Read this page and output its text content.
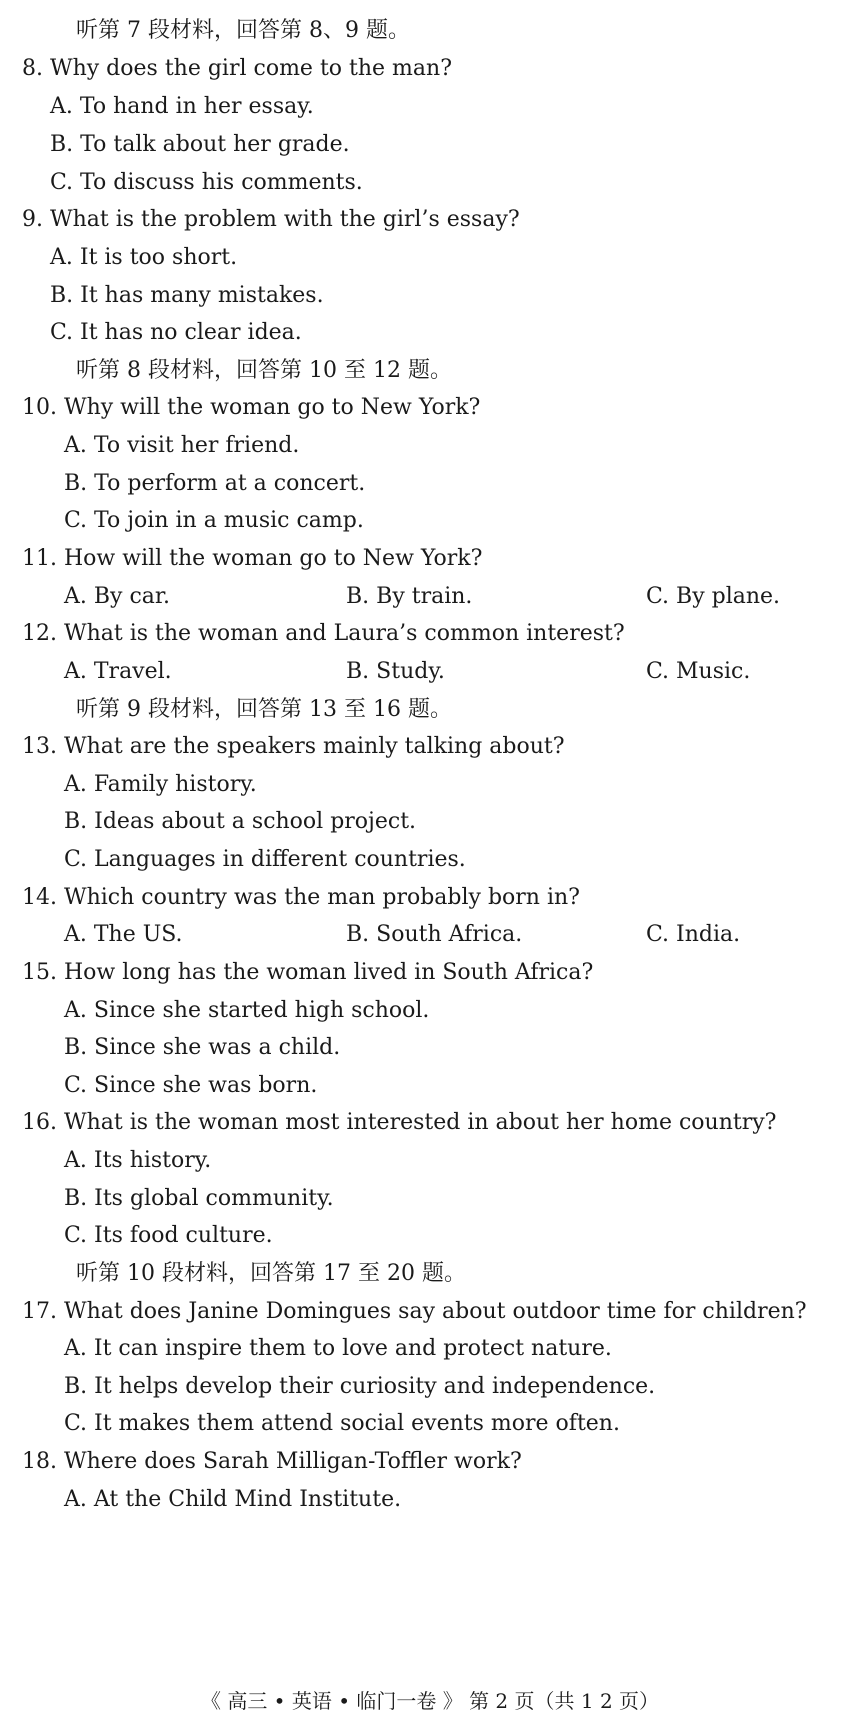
听第 7 段材料，回答第 8、9 题。
8. Why does the girl come to the man?
A. To hand in her essay.
B. To talk about her grade.
C. To discuss his comments.
9. What is the problem with the girl’s essay?
A. It is too short.
B. It has many mistakes.
C. It has no clear idea.
听第 8 段材料，回答第 10 至 12 题。
10. Why will the woman go to New York?
A. To visit her friend.
B. To perform at a concert.
C. To join in a music camp.
11. How will the woman go to New York?
A. By car.	B. By train.	C. By plane.
12. What is the woman and Laura’s common interest?
A. Travel.	B. Study.	C. Music.
听第 9 段材料，回答第 13 至 16 题。
13. What are the speakers mainly talking about?
A. Family history.
B. Ideas about a school project.
C. Languages in different countries.
14. Which country was the man probably born in?
A. The US.	B. South Africa.	C. India.
15. How long has the woman lived in South Africa?
A. Since she started high school.
B. Since she was a child.
C. Since she was born.
16. What is the woman most interested in about her home country?
A. Its history.
B. Its global community.
C. Its food culture.
听第 10 段材料，回答第 17 至 20 题。
17. What does Janine Domingues say about outdoor time for children?
A. It can inspire them to love and protect nature.
B. It helps develop their curiosity and independence.
C. It makes them attend social events more often.
18. Where does Sarah Milligan-Toffler work?
A. At the Child Mind Institute.
《 高三 • 英语 • 临门一卷 》 第 2 页（共 1 2 页）
